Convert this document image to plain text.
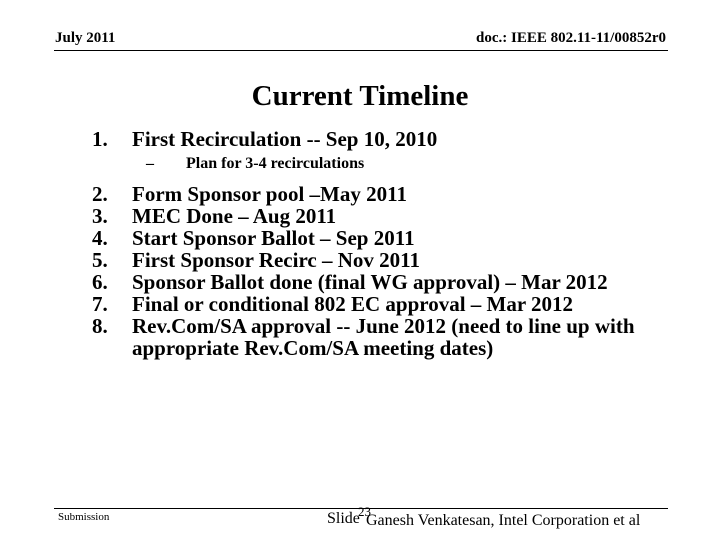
July 2011	doc.: IEEE 802.11-11/00852r0
Current Timeline
1. First Recirculation -- Sep 10, 2010
– Plan for 3-4 recirculations
2. Form Sponsor pool –May 2011
3. MEC Done – Aug 2011
4. Start Sponsor Ballot – Sep 2011
5. First Sponsor Recirc – Nov 2011
6. Sponsor Ballot done (final WG approval) – Mar 2012
7. Final or conditional 802 EC approval – Mar 2012
8. Rev.Com/SA approval -- June 2012 (need to line up with appropriate Rev.Com/SA meeting dates)
Submission	Slide
23
Ganesh Venkatesan, Intel Corporation et al
